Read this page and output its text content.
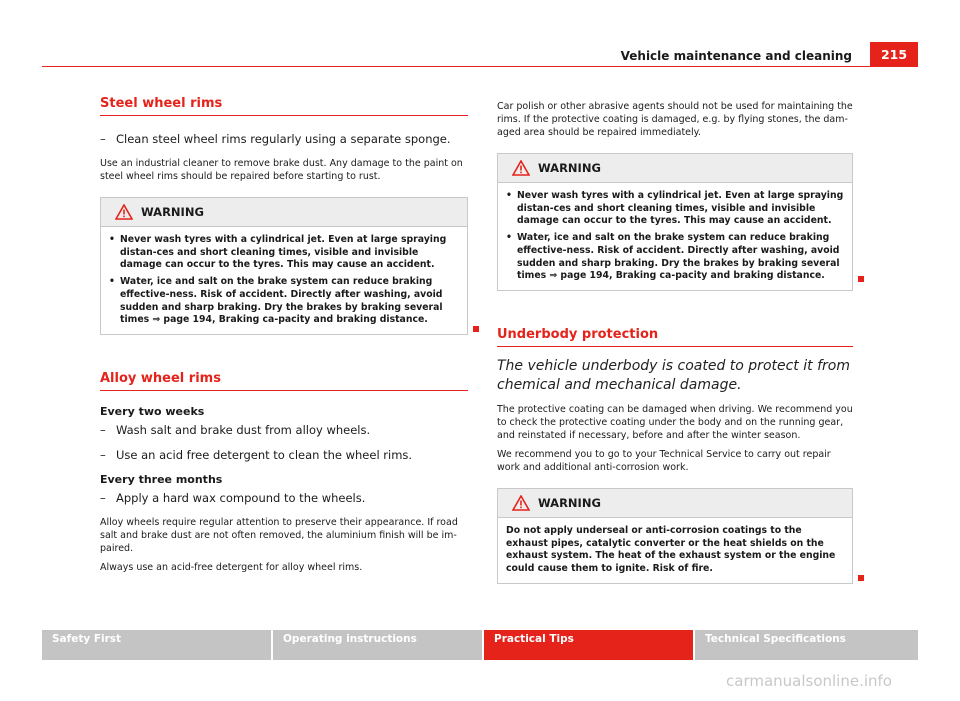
Vehicle maintenance and cleaning	215
Steel wheel rims
– Clean steel wheel rims regularly using a separate sponge.

Use an industrial cleaner to remove brake dust. Any damage to the paint on steel wheel rims should be repaired before starting to rust.

WARNING
• Never wash tyres with a cylindrical jet. Even at large spraying distan-ces and short cleaning times, visible and invisible damage can occur to the tyres. This may cause an accident.
• Water, ice and salt on the brake system can reduce braking effective-ness. Risk of accident. Directly after washing, avoid sudden and sharp braking. Dry the brakes by braking several times ⇒ page 194, Braking ca-pacity and braking distance.
Alloy wheel rims

Every two weeks

– Wash salt and brake dust from alloy wheels.
– Use an acid free detergent to clean the wheel rims.

Every three months

– Apply a hard wax compound to the wheels.

Alloy wheels require regular attention to preserve their appearance. If road salt and brake dust are not often removed, the aluminium finish will be im-paired.

Always use an acid-free detergent for alloy wheel rims.

Car polish or other abrasive agents should not be used for maintaining the rims. If the protective coating is damaged, e.g. by flying stones, the dam-aged area should be repaired immediately.

WARNING
• Never wash tyres with a cylindrical jet. Even at large spraying distan-ces and short cleaning times, visible and invisible damage can occur to the tyres. This may cause an accident.
• Water, ice and salt on the brake system can reduce braking effective-ness. Risk of accident. Directly after washing, avoid sudden and sharp braking. Dry the brakes by braking several times ⇒ page 194, Braking ca-pacity and braking distance.
Underbody protection

The vehicle underbody is coated to protect it from chemical and mechanical damage.

The protective coating can be damaged when driving. We recommend you to check the protective coating under the body and on the running gear, and reinstated if necessary, before and after the winter season.

We recommend you to go to your Technical Service to carry out repair work and additional anti-corrosion work.

WARNING

Do not apply underseal or anti-corrosion coatings to the exhaust pipes, catalytic converter or the heat shields on the exhaust system. The heat of the exhaust system or the engine could cause them to ignite. Risk of fire.

Safety First	Operating instructions	Practical Tips	Technical Specifications
carmanualsonline.info
